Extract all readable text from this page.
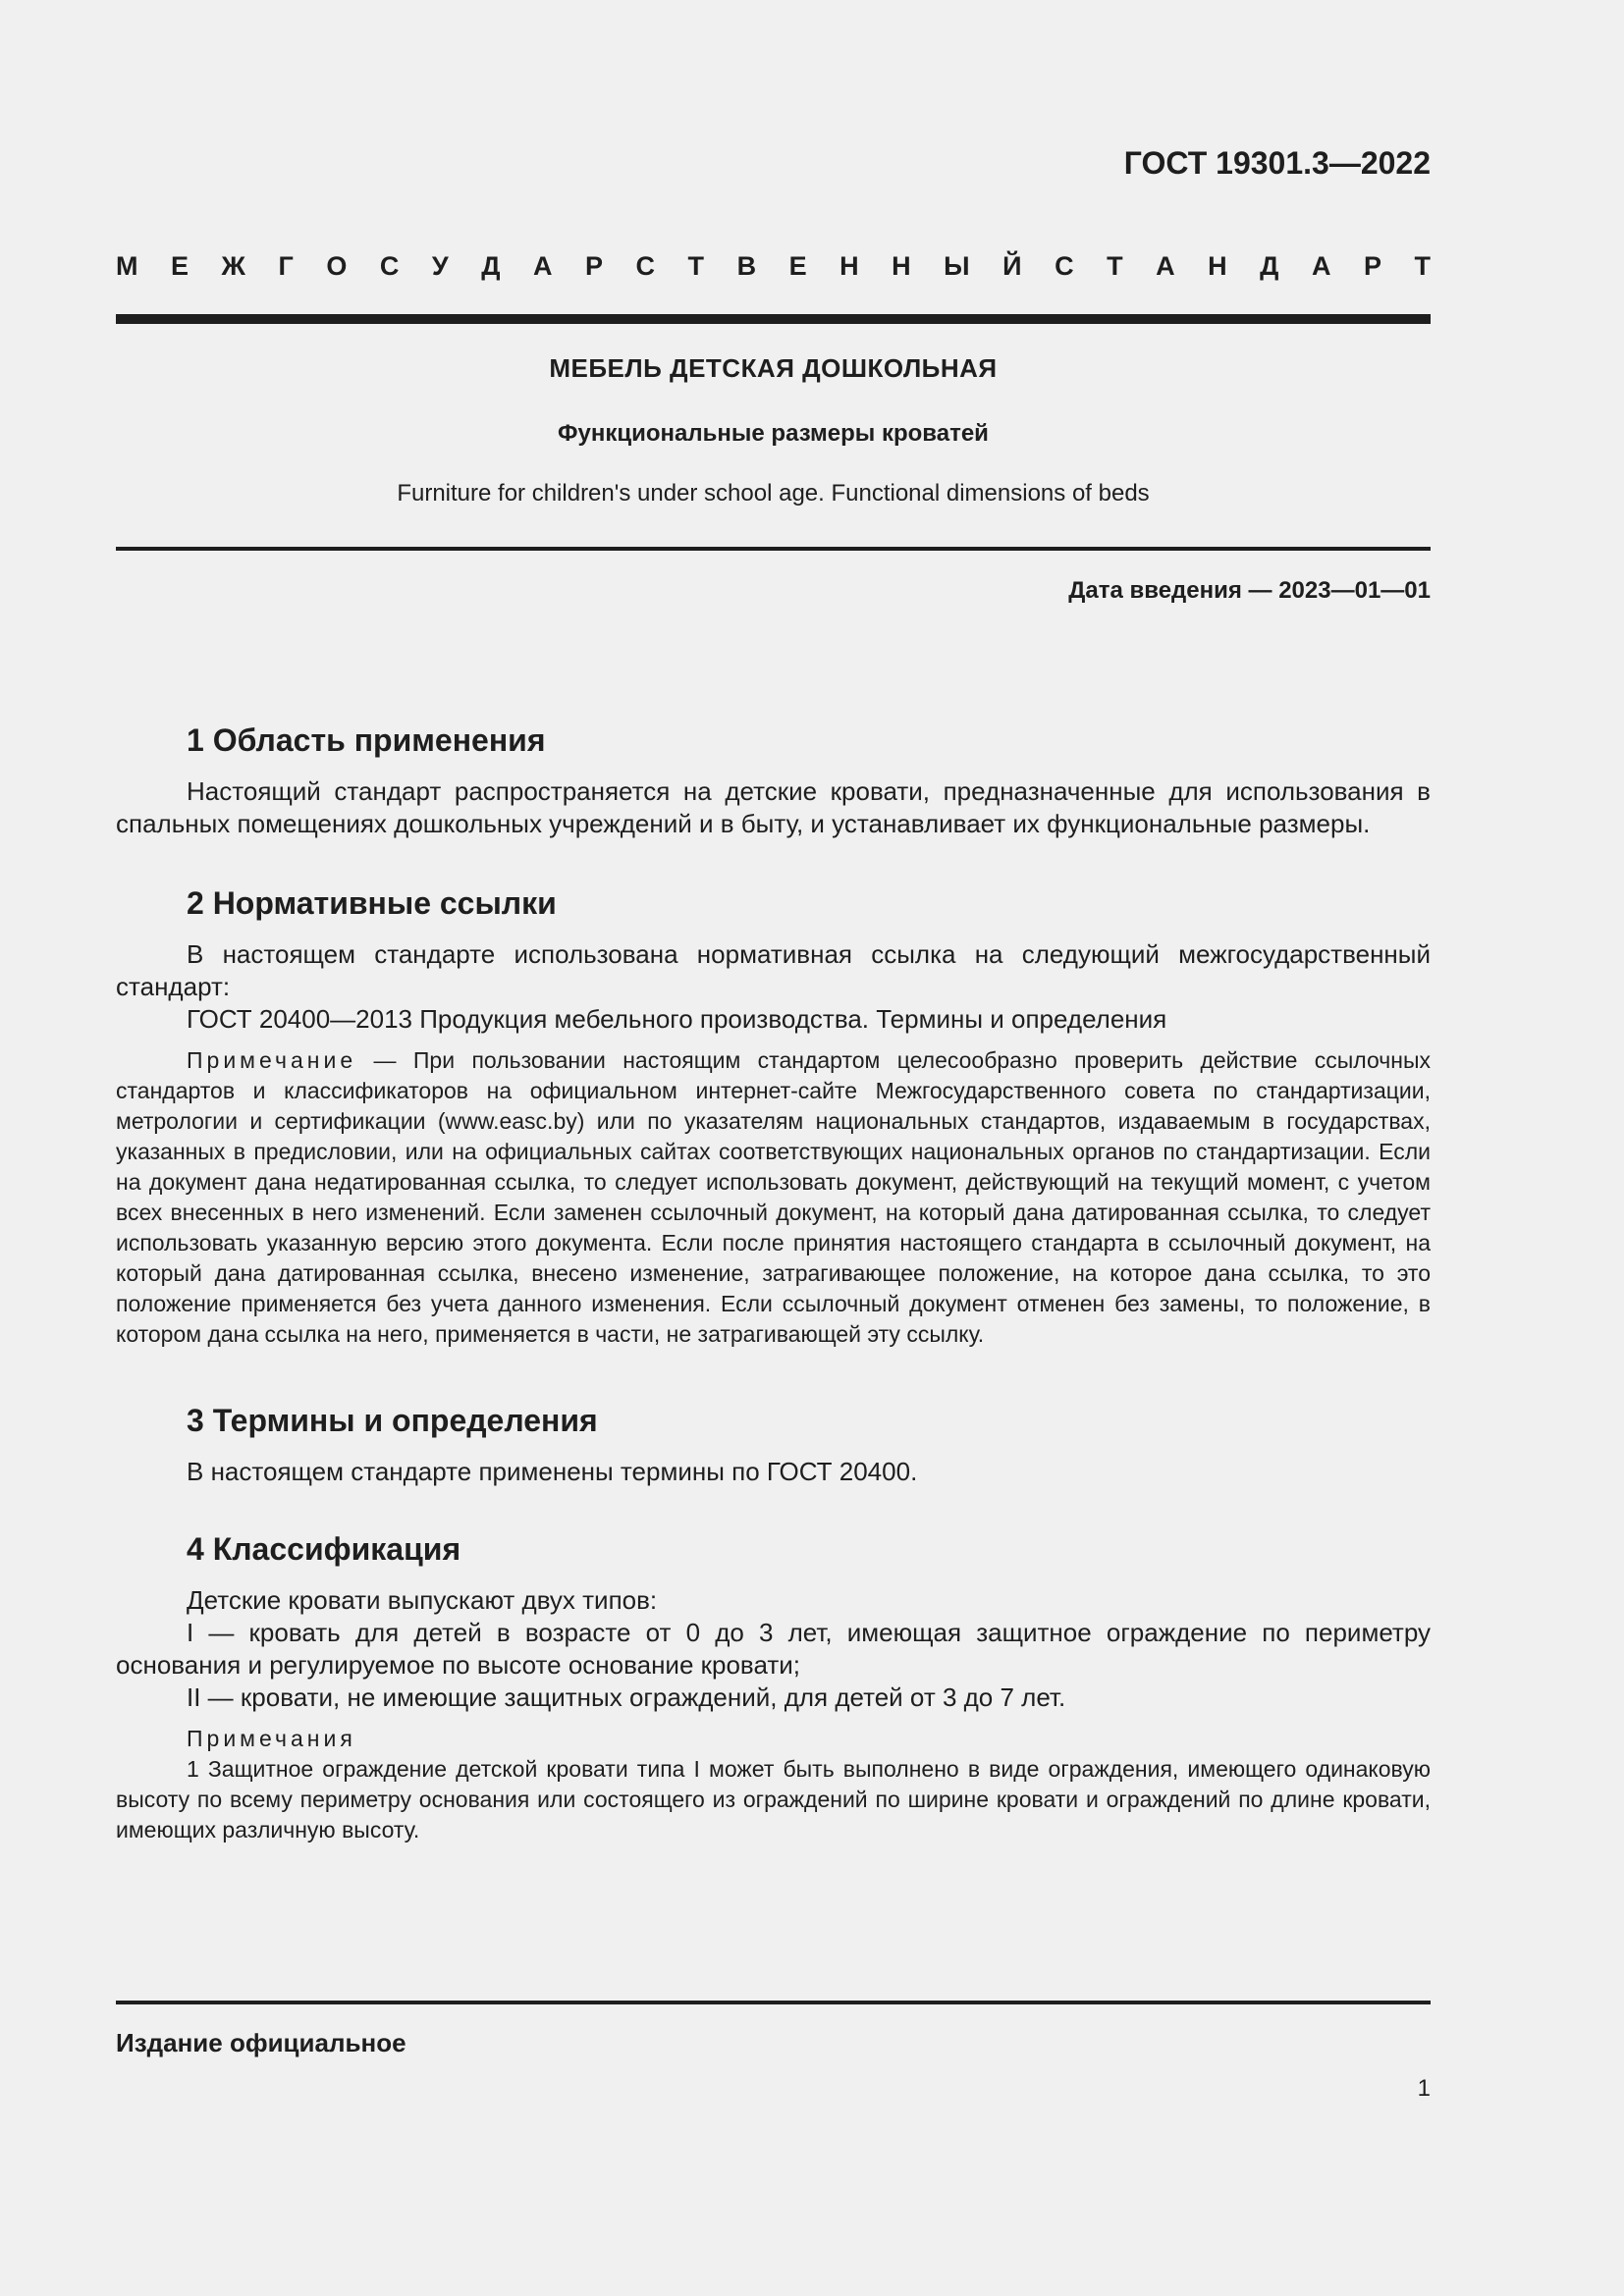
ГОСТ 19301.3—2022
М Е Ж Г О С У Д А Р С Т В Е Н Н Ы Й С Т А Н Д А Р Т
МЕБЕЛЬ ДЕТСКАЯ ДОШКОЛЬНАЯ
Функциональные размеры кроватей
Furniture for children's under school age. Functional dimensions of beds
Дата введения — 2023—01—01
1 Область применения

Настоящий стандарт распространяется на детские кровати, предназначенные для использования в спальных помещениях дошкольных учреждений и в быту, и устанавливает их функциональные размеры.

2 Нормативные ссылки

В настоящем стандарте использована нормативная ссылка на следующий межгосударственный стандарт:

ГОСТ 20400—2013 Продукция мебельного производства. Термины и определения

Примечание — При пользовании настоящим стандартом целесообразно проверить действие ссылочных стандартов и классификаторов на официальном интернет-сайте Межгосударственного совета по стандартизации, метрологии и сертификации (www.easc.by) или по указателям национальных стандартов, издаваемым в государствах, указанных в предисловии, или на официальных сайтах соответствующих национальных органов по стандартизации. Если на документ дана недатированная ссылка, то следует использовать документ, действующий на текущий момент, с учетом всех внесенных в него изменений. Если заменен ссылочный документ, на который дана датированная ссылка, то следует использовать указанную версию этого документа. Если после принятия настоящего стандарта в ссылочный документ, на который дана датированная ссылка, внесено изменение, затрагивающее положение, на которое дана ссылка, то это положение применяется без учета данного изменения. Если ссылочный документ отменен без замены, то положение, в котором дана ссылка на него, применяется в части, не затрагивающей эту ссылку.

3 Термины и определения

В настоящем стандарте применены термины по ГОСТ 20400.

4 Классификация

Детские кровати выпускают двух типов:

I — кровать для детей в возрасте от 0 до 3 лет, имеющая защитное ограждение по периметру основания и регулируемое по высоте основание кровати;

II — кровати, не имеющие защитных ограждений, для детей от 3 до 7 лет.

Примечания

1 Защитное ограждение детской кровати типа I может быть выполнено в виде ограждения, имеющего одинаковую высоту по всему периметру основания или состоящего из ограждений по ширине кровати и ограждений по длине кровати, имеющих различную высоту.

Издание официальное
1
